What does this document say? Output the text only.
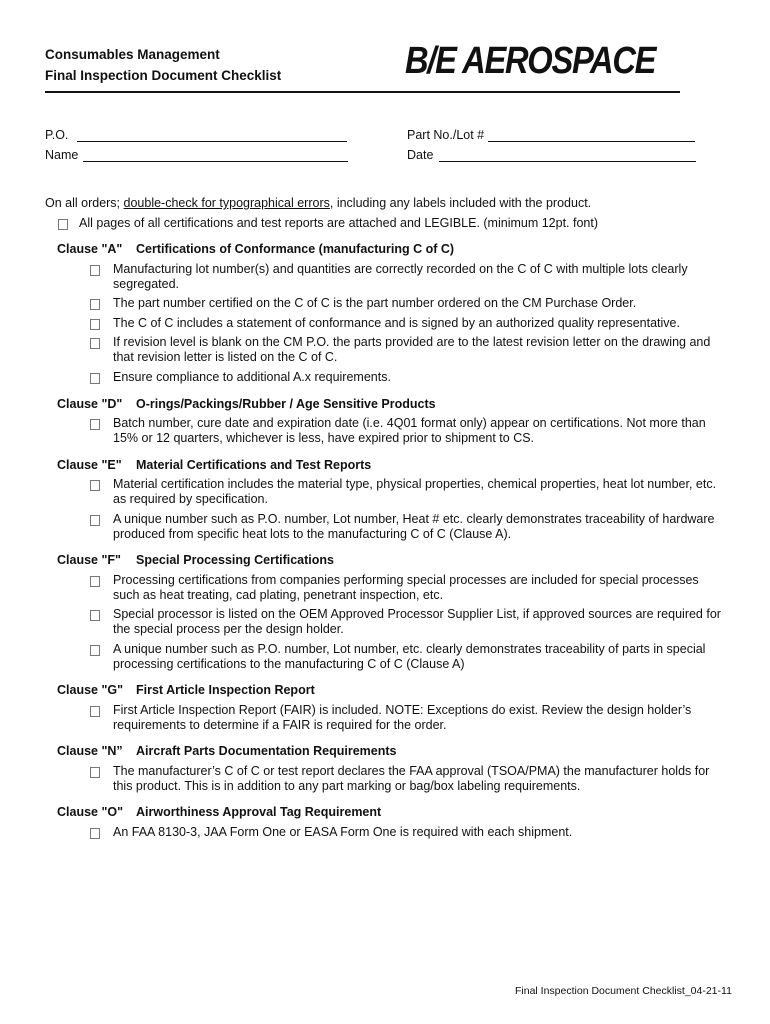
Consumables Management
Final Inspection Document Checklist	B/E AEROSPACE
P.O.
Name
Part No./Lot #
Date
On all orders; double-check for typographical errors, including any labels included with the product.
All pages of all certifications and test reports are attached and LEGIBLE. (minimum 12pt. font)
Clause "A" Certifications of Conformance (manufacturing C of C)
Manufacturing lot number(s) and quantities are correctly recorded on the C of C with multiple lots clearly segregated.
The part number certified on the C of C is the part number ordered on the CM Purchase Order.
The C of C includes a statement of conformance and is signed by an authorized quality representative.
If revision level is blank on the CM P.O. the parts provided are to the latest revision letter on the drawing and that revision letter is listed on the C of C.
Ensure compliance to additional A.x requirements.
Clause "D" O-rings/Packings/Rubber / Age Sensitive Products
Batch number, cure date and expiration date (i.e. 4Q01 format only) appear on certifications. Not more than 15% or 12 quarters, whichever is less, have expired prior to shipment to CS.
Clause "E" Material Certifications and Test Reports
Material certification includes the material type, physical properties, chemical properties, heat lot number, etc. as required by specification.
A unique number such as P.O. number, Lot number, Heat # etc. clearly demonstrates traceability of hardware produced from specific heat lots to the manufacturing C of C (Clause A).
Clause "F" Special Processing Certifications
Processing certifications from companies performing special processes are included for special processes such as heat treating, cad plating, penetrant inspection, etc.
Special processor is listed on the OEM Approved Processor Supplier List, if approved sources are required for the special process per the design holder.
A unique number such as P.O. number, Lot number, etc. clearly demonstrates traceability of parts in special processing certifications to the manufacturing C of C (Clause A)
Clause "G" First Article Inspection Report
First Article Inspection Report (FAIR) is included. NOTE: Exceptions do exist. Review the design holder’s requirements to determine if a FAIR is required for the order.
Clause "N” Aircraft Parts Documentation Requirements
The manufacturer’s C of C or test report declares the FAA approval (TSOA/PMA) the manufacturer holds for this product. This is in addition to any part marking or bag/box labeling requirements.
Clause "O" Airworthiness Approval Tag Requirement
An FAA 8130-3, JAA Form One or EASA Form One is required with each shipment.
Final Inspection Document Checklist_04-21-11
